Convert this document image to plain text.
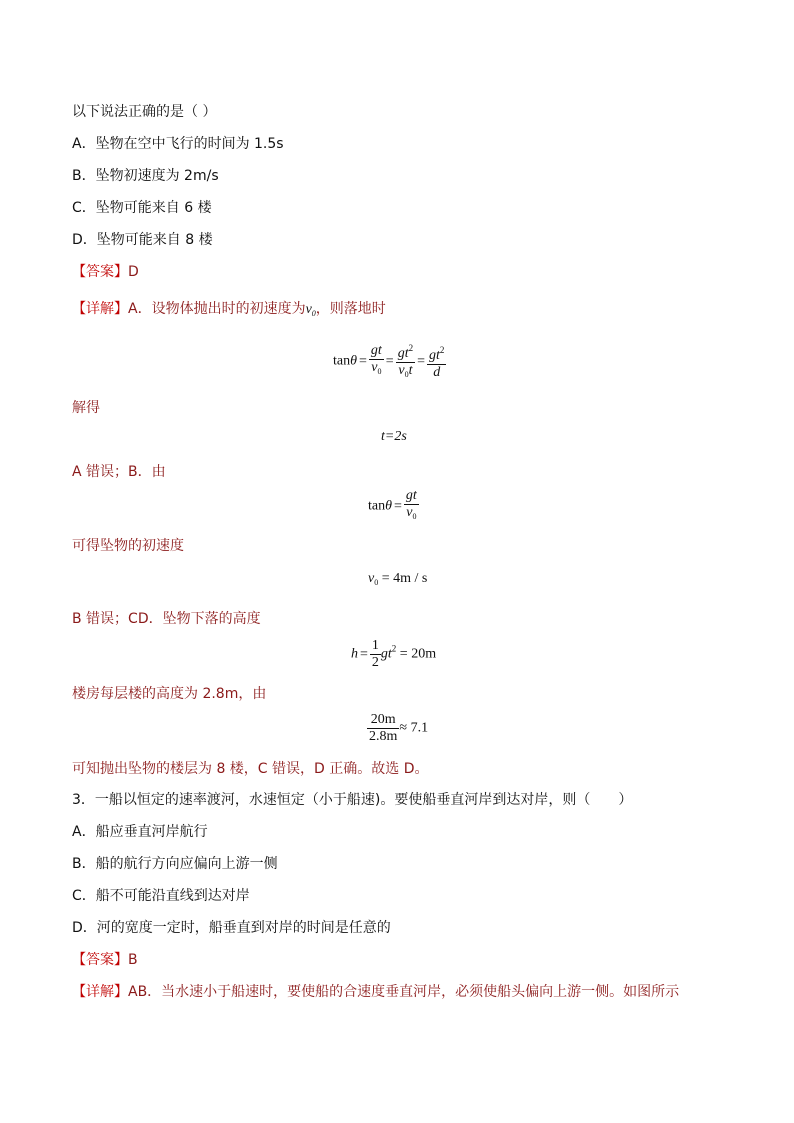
以下说法正确的是（ ）
A．坠物在空中飞行的时间为 1.5s
B．坠物初速度为 2m/s
C．坠物可能来自 6 楼
D．坠物可能来自 8 楼
【答案】D
【详解】A．设物体抛出时的初速度为$v_0$，则落地时
$\tan\theta = \frac{gt}{v_0} = \frac{gt^2}{v_0t} = \frac{gt^2}{d}$
解得
t=2s
A 错误；B．由
$\tan\theta = \frac{gt}{v_0}$
可得坠物的初速度
$v_0 = 4m / s$
B 错误；CD．坠物下落的高度
$h = \frac{1}{2} gt^2 = 20m$
楼房每层楼的高度为 2.8m，由
$\frac{20m}{2.8m} \approx 7.1$
可知抛出坠物的楼层为 8 楼，C 错误，D 正确。故选 D。
3．一船以恒定的速率渡河，水速恒定（小于船速)。要使船垂直河岸到达对岸，则（　　）
A．船应垂直河岸航行
B．船的航行方向应偏向上游一侧
C．船不可能沿直线到达对岸
D．河的宽度一定时，船垂直到对岸的时间是任意的
【答案】B
【详解】AB．当水速小于船速时，要使船的合速度垂直河岸，必须使船头偏向上游一侧。如图所示
